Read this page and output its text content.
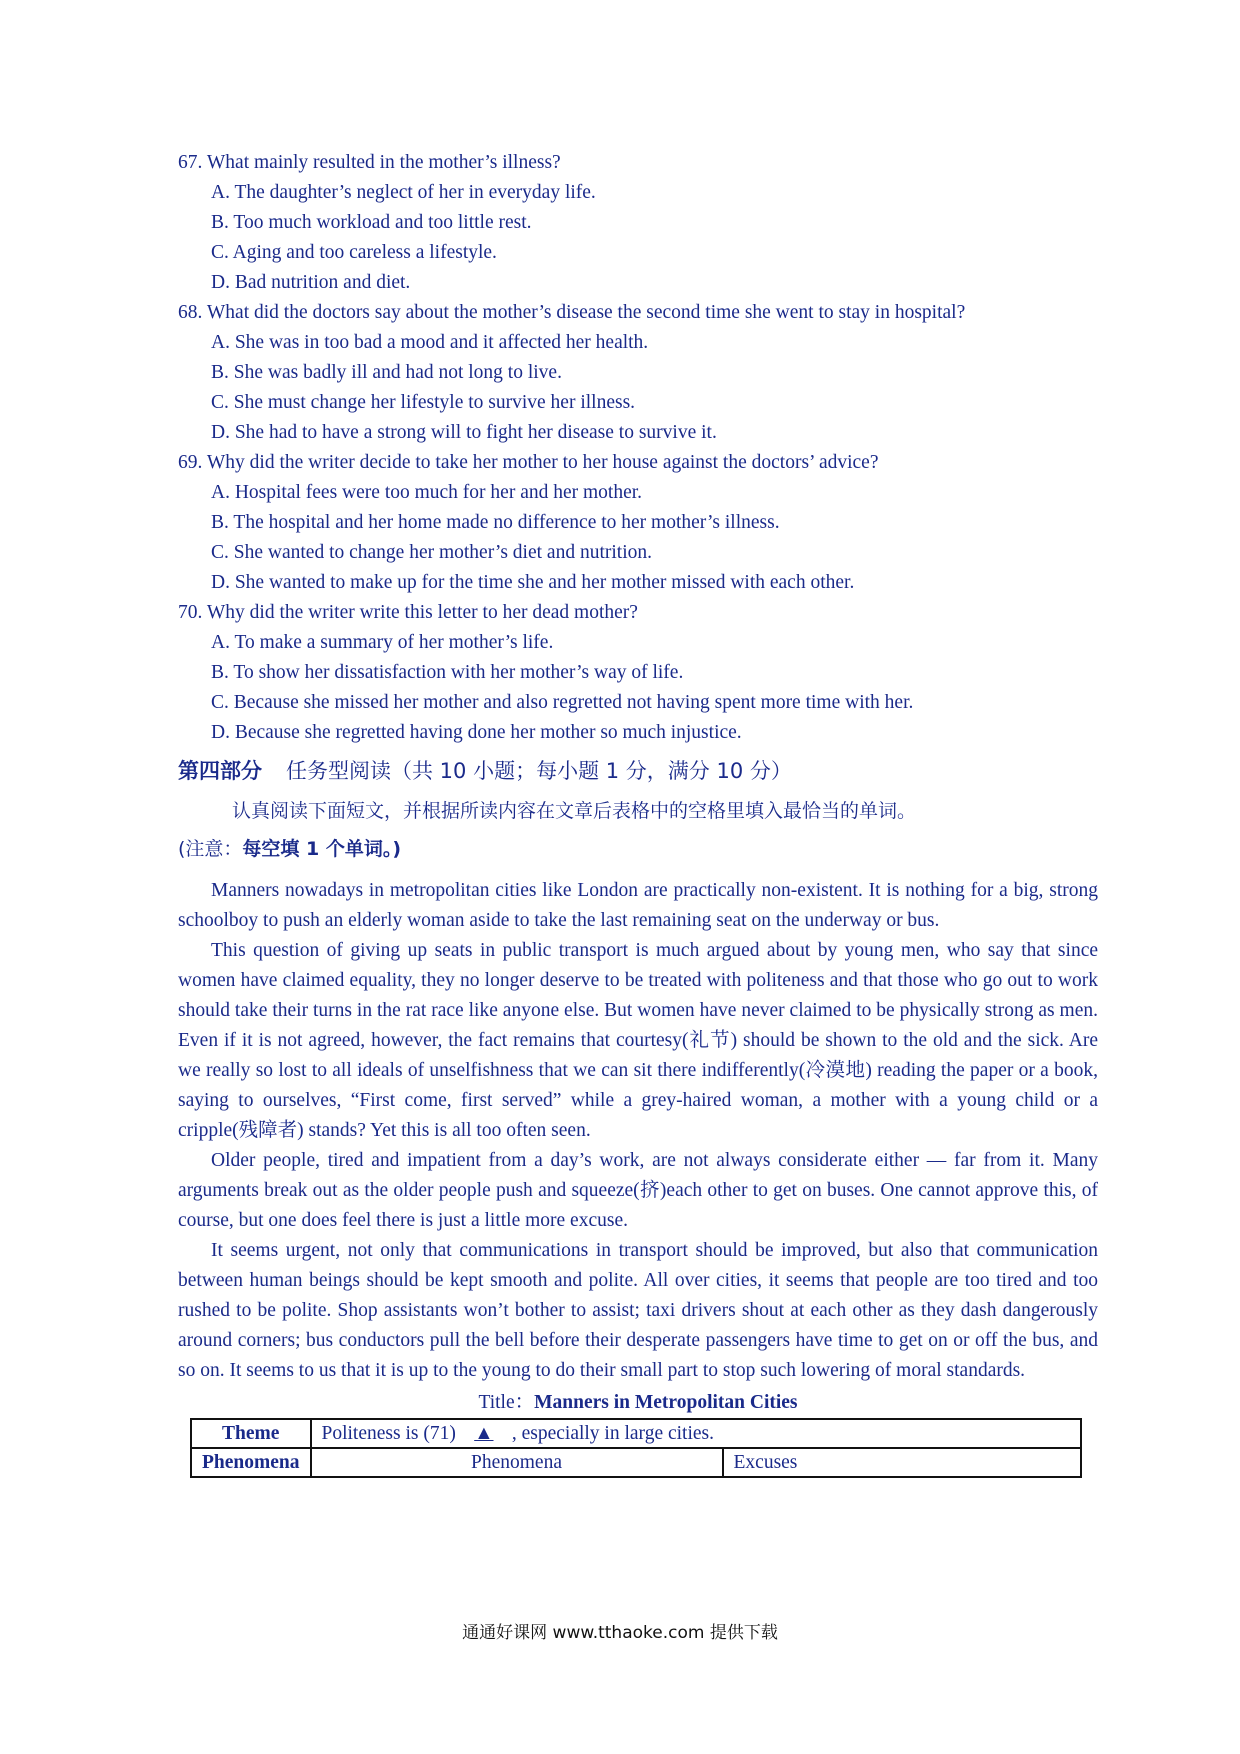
67. What mainly resulted in the mother’s illness?

A. The daughter’s neglect of her in everyday life.

B. Too much workload and too little rest.

C. Aging and too careless a lifestyle.

D. Bad nutrition and diet.

68. What did the doctors say about the mother’s disease the second time she went to stay in hospital?

A. She was in too bad a mood and it affected her health.

B. She was badly ill and had not long to live.

C. She must change her lifestyle to survive her illness.

D. She had to have a strong will to fight her disease to survive it.

69. Why did the writer decide to take her mother to her house against the doctors’ advice?

A. Hospital fees were too much for her and her mother.

B. The hospital and her home made no difference to her mother’s illness.

C. She wanted to change her mother’s diet and nutrition.

D. She wanted to make up for the time she and her mother missed with each other.

70. Why did the writer write this letter to her dead mother?

A. To make a summary of her mother’s life.

B. To show her dissatisfaction with her mother’s way of life.

C. Because she missed her mother and also regretted not having spent more time with her.

D. Because she regretted having done her mother so much injustice.

第四部分 任务型阅读（共 10 小题；每小题 1 分，满分 10 分）
认真阅读下面短文，并根据所读内容在文章后表格中的空格里填入最恰当的单词。
(注意：每空填 1 个单词。)

Manners nowadays in metropolitan cities like London are practically non-existent. It is nothing for a big, strong schoolboy to push an elderly woman aside to take the last remaining seat on the underway or bus.

This question of giving up seats in public transport is much argued about by young men, who say that since women have claimed equality, they no longer deserve to be treated with politeness and that those who go out to work should take their turns in the rat race like anyone else. But women have never claimed to be physically strong as men. Even if it is not agreed, however, the fact remains that courtesy(礼节) should be shown to the old and the sick. Are we really so lost to all ideals of unselfishness that we can sit there indifferently(冷漠地) reading the paper or a book, saying to ourselves, “First come, first served” while a grey-haired woman, a mother with a young child or a cripple(残障者) stands? Yet this is all too often seen.

Older people, tired and impatient from a day’s work, are not always considerate either — far from it. Many arguments break out as the older people push and squeeze(挤)each other to get on buses. One cannot approve this, of course, but one does feel there is just a little more excuse.

It seems urgent, not only that communications in transport should be improved, but also that communication between human beings should be kept smooth and polite. All over cities, it seems that people are too tired and too rushed to be polite. Shop assistants won’t bother to assist; taxi drivers shout at each other as they dash dangerously around corners; bus conductors pull the bell before their desperate passengers have time to get on or off the bus, and so on. It seems to us that it is up to the young to do their small part to stop such lowering of moral standards.

Title：Manners in Metropolitan Cities
Theme	Politeness is (71) ▲ , especially in large cities.	
Phenomena	Phenomena	Excuses
通通好课网 www.tthaoke.com 提供下载
